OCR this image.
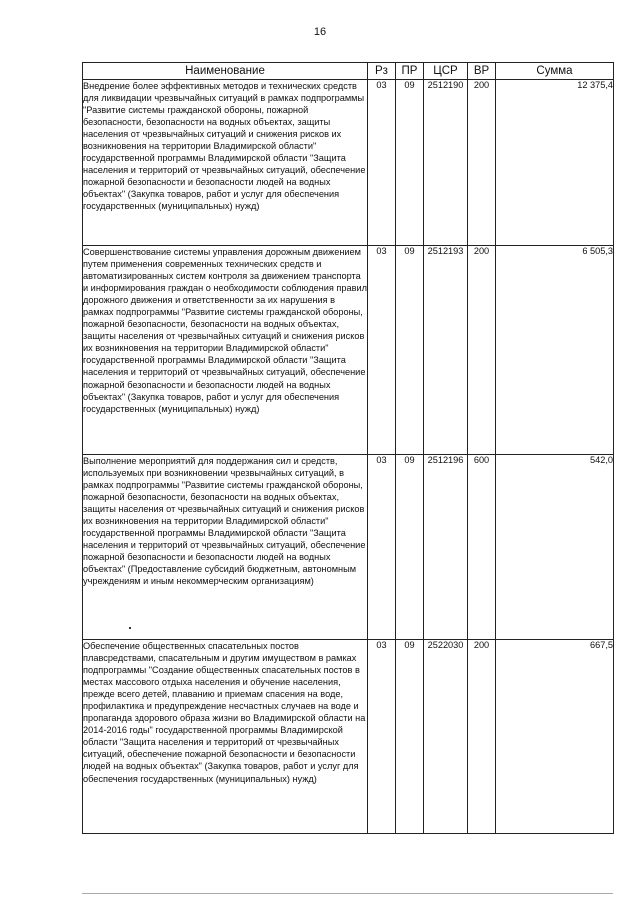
16
Наименование	Рз	ПР	ЦСР	ВР	Сумма
Внедрение более эффективных методов и технических средств для ликвидации чрезвычайных ситуаций в рамках подпрограммы "Развитие системы гражданской обороны, пожарной безопасности, безопасности на водных объектах, защиты населения от чрезвычайных ситуаций и снижения рисков их возникновения на территории Владимирской области" государственной программы Владимирской области "Защита населения и территорий от чрезвычайных ситуаций, обеспечение пожарной безопасности и безопасности людей на водных объектах" (Закупка товаров, работ и услуг для обеспечения государственных (муниципальных) нужд)	03	09	2512190	200	12 375,4
Совершенствование системы управления дорожным движением путем применения современных технических средств и автоматизированных систем контроля за движением транспорта и информирования граждан о необходимости соблюдения правил дорожного движения и ответственности за их нарушения в рамках подпрограммы "Развитие системы гражданской обороны, пожарной безопасности, безопасности на водных объектах, защиты населения от чрезвычайных ситуаций и снижения рисков их возникновения на территории Владимирской области" государственной программы Владимирской области "Защита населения и территорий от чрезвычайных ситуаций, обеспечение пожарной безопасности и безопасности людей на водных объектах" (Закупка товаров, работ и услуг для обеспечения государственных (муниципальных) нужд)	03	09	2512193	200	6 505,3
Выполнение мероприятий для поддержания сил и средств, используемых при возникновении чрезвычайных ситуаций, в рамках подпрограммы "Развитие системы гражданской обороны, пожарной безопасности, безопасности на водных объектах, защиты населения от чрезвычайных ситуаций и снижения рисков их возникновения на территории Владимирской области" государственной программы Владимирской области "Защита населения и территорий от чрезвычайных ситуаций, обеспечение пожарной безопасности и безопасности людей на водных объектах" (Предоставление субсидий бюджетным, автономным учреждениям и иным некоммерческим организациям)	03	09	2512196	600	542,0
Обеспечение общественных спасательных постов плавсредствами, спасательным и другим имуществом в рамках подпрограммы "Создание общественных спасательных постов в местах массового отдыха населения и обучение населения, прежде всего детей, плаванию и приемам спасения на воде, профилактика и предупреждение несчастных случаев на воде и пропаганда здорового образа жизни во Владимирской области на 2014-2016 годы" государственной программы Владимирской области "Защита населения и территорий от чрезвычайных ситуаций, обеспечение пожарной безопасности и безопасности людей на водных объектах" (Закупка товаров, работ и услуг для обеспечения государственных (муниципальных) нужд)	03	09	2522030	200	667,5
